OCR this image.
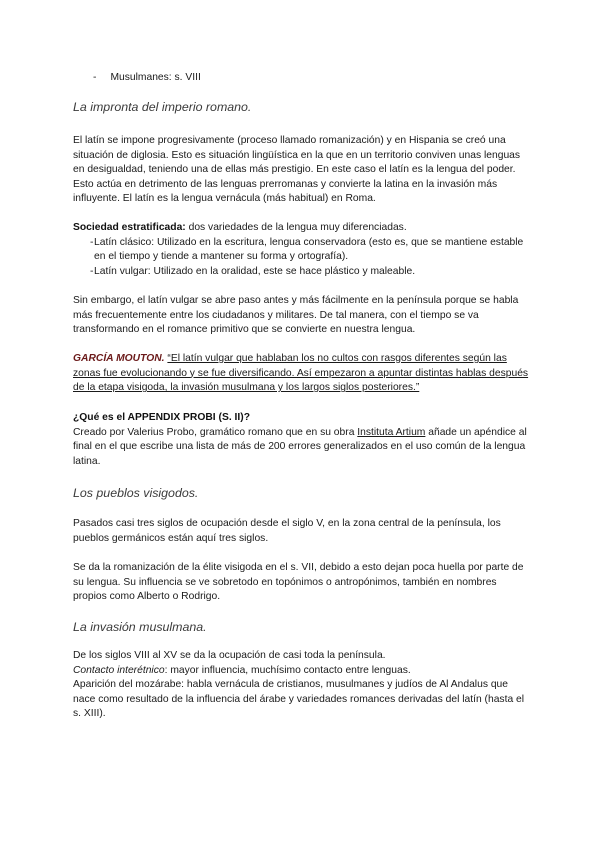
- Musulmanes: s. VIII
La impronta del imperio romano.

El latín se impone progresivamente (proceso llamado romanización) y en Hispania se creó una situación de diglosia. Esto es situación lingüística en la que en un territorio conviven unas lenguas en desigualdad, teniendo una de ellas más prestigio. En este caso el latín es la lengua del poder. Esto actúa en detrimento de las lenguas prerromanas y convierte la latina en la invasión más influyente. El latín es la lengua vernácula (más habitual) en Roma.

Sociedad estratificada: dos variedades de la lengua muy diferenciadas.

- Latín clásico: Utilizado en la escritura, lengua conservadora (esto es, que se mantiene estable en el tiempo y tiende a mantener su forma y ortografía).
- Latín vulgar: Utilizado en la oralidad, este se hace plástico y maleable.

Sin embargo, el latín vulgar se abre paso antes y más fácilmente en la península porque se habla más frecuentemente entre los ciudadanos y militares. De tal manera, con el tiempo se va transformando en el romance primitivo que se convierte en nuestra lengua.

GARCÍA MOUTON. “El latín vulgar que hablaban los no cultos con rasgos diferentes según las zonas fue evolucionando y se fue diversificando. Así empezaron a apuntar distintas hablas después de la etapa visigoda, la invasión musulmana y los largos siglos posteriores.”

¿Qué es el APPENDIX PROBI (S. II)?

Creado por Valerius Probo, gramático romano que en su obra Instituta Artium añade un apéndice al final en el que escribe una lista de más de 200 errores generalizados en el uso común de la lengua latina.

Los pueblos visigodos.

Pasados casi tres siglos de ocupación desde el siglo V, en la zona central de la península, los pueblos germánicos están aquí tres siglos.

Se da la romanización de la élite visigoda en el s. VII, debido a esto dejan poca huella por parte de su lengua. Su influencia se ve sobretodo en topónimos o antropónimos, también en nombres propios como Alberto o Rodrigo.

La invasión musulmana.

De los siglos VIII al XV se da la ocupación de casi toda la península.

Contacto interétnico: mayor influencia, muchísimo contacto entre lenguas.

Aparición del mozárabe: habla vernácula de cristianos, musulmanes y judíos de Al Andalus que nace como resultado de la influencia del árabe y variedades romances derivadas del latín (hasta el s. XIII).
